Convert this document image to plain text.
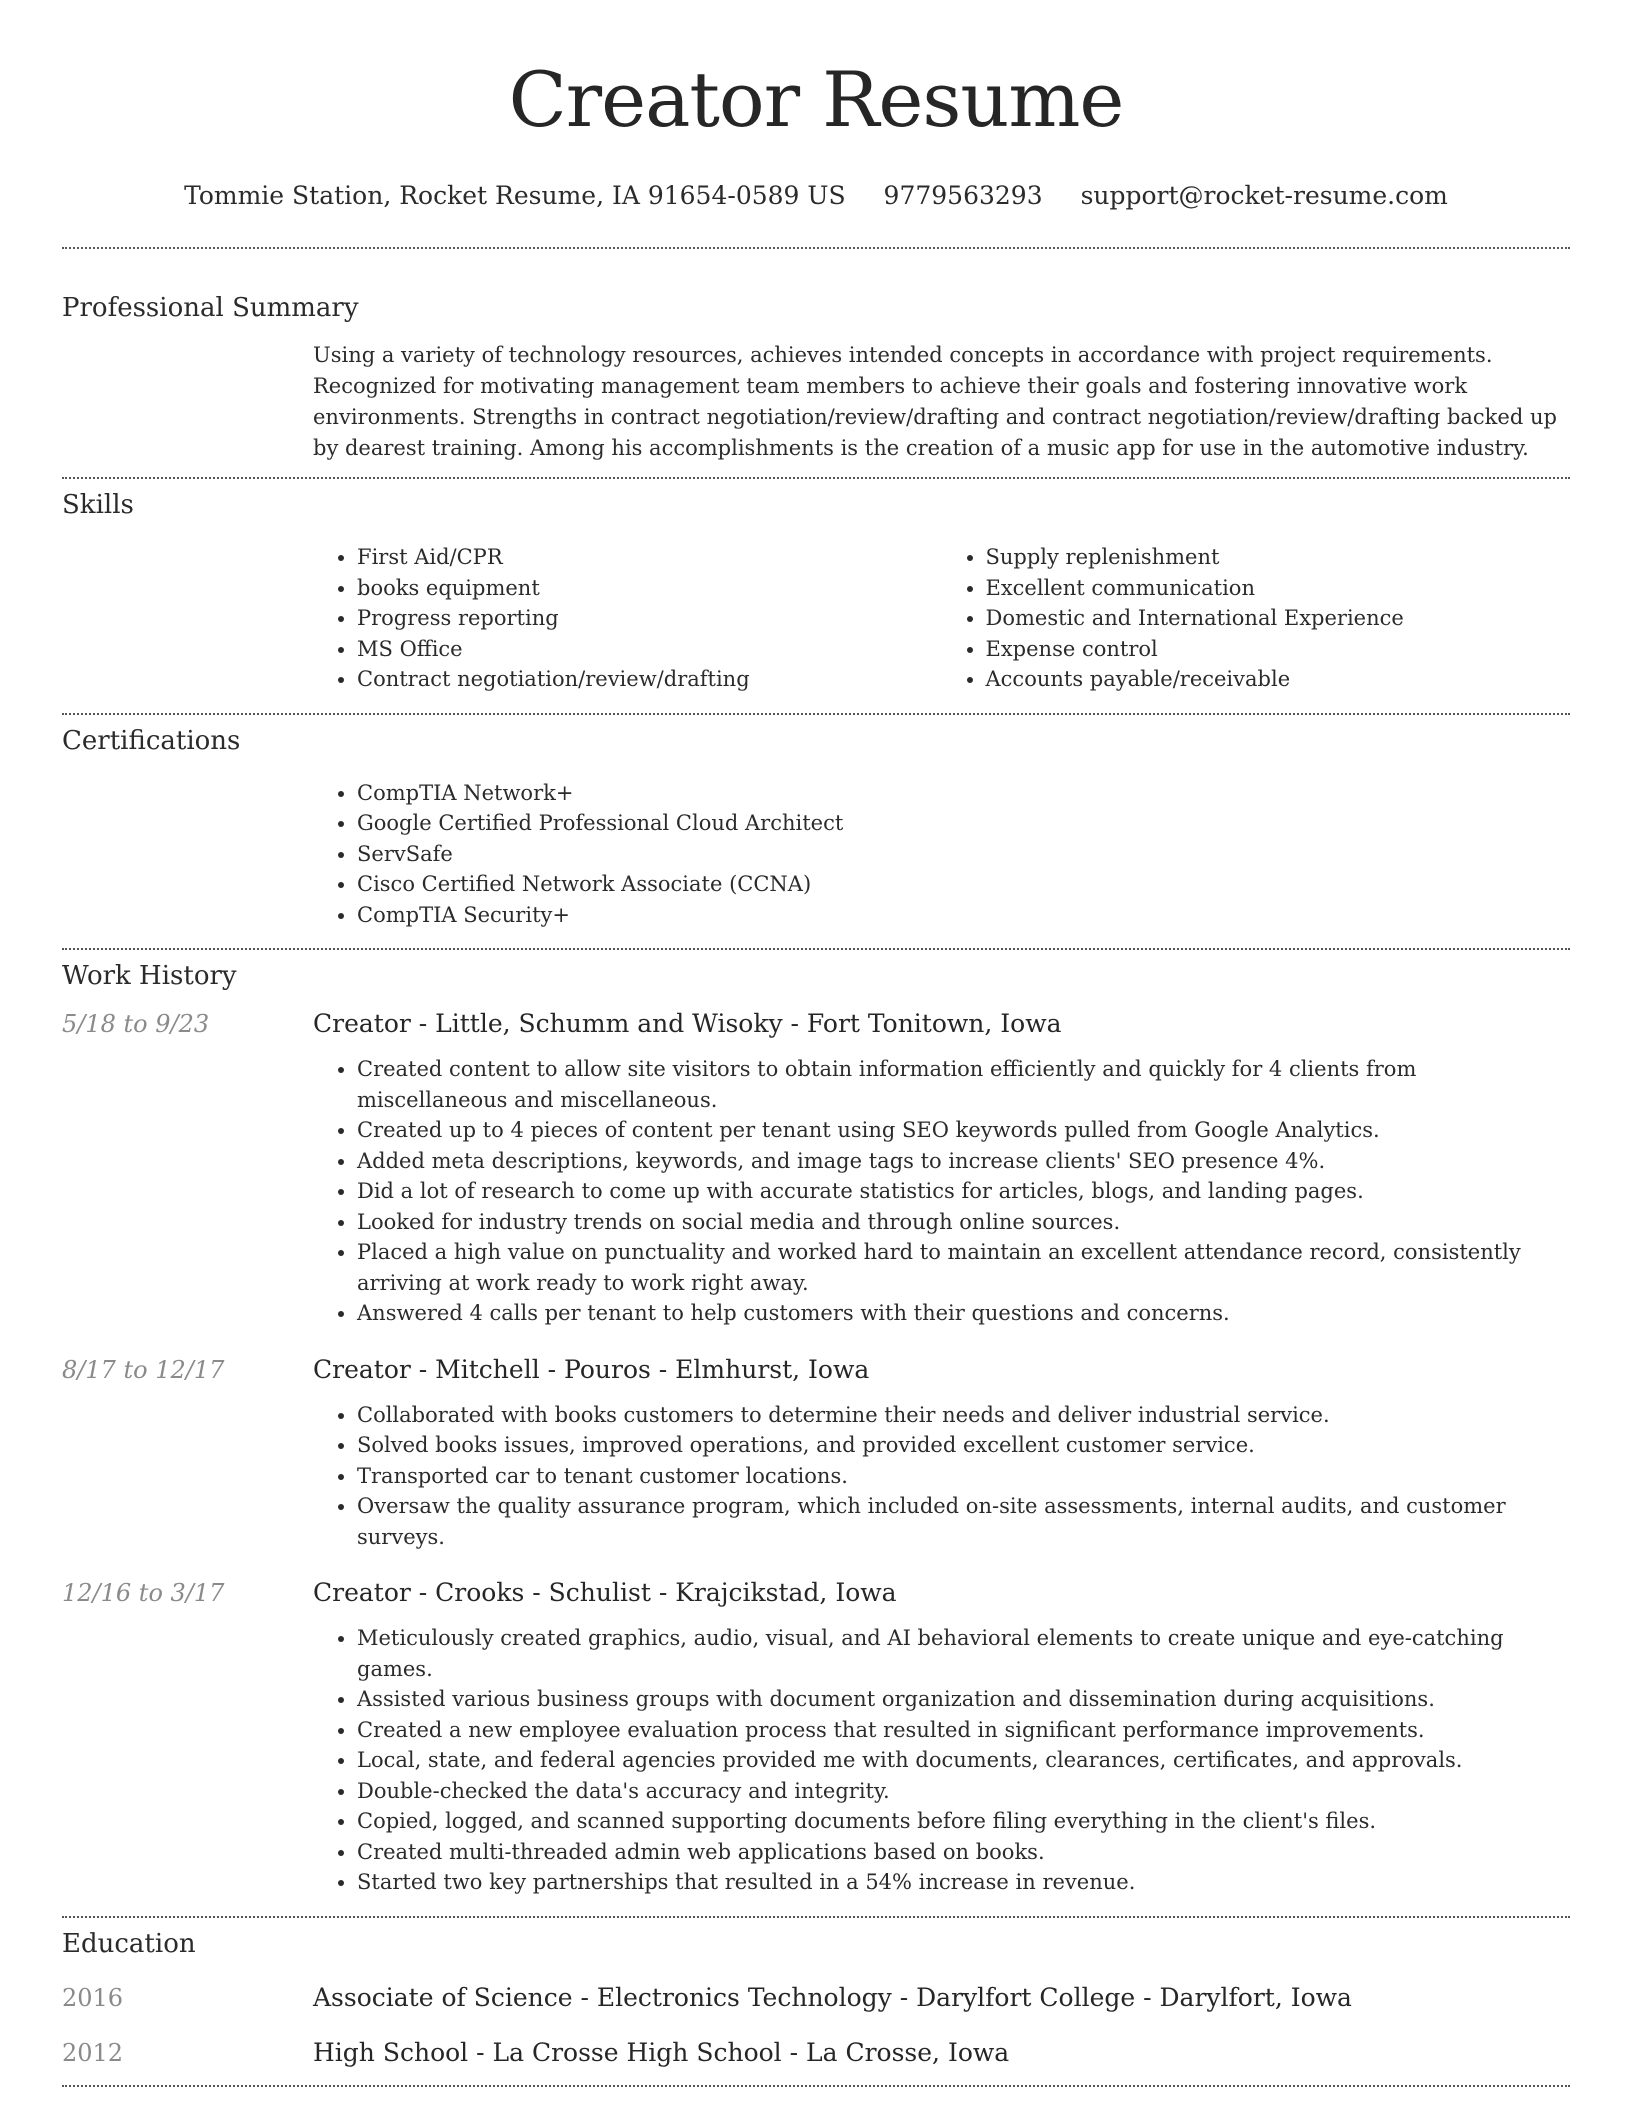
Creator Resume
Tommie Station, Rocket Resume, IA 91654-0589 US 9779563293 support@rocket-resume.com
Professional Summary
Using a variety of technology resources, achieves intended concepts in accordance with project requirements. Recognized for motivating management team members to achieve their goals and fostering innovative work environments. Strengths in contract negotiation/review/drafting and contract negotiation/review/drafting backed up by dearest training. Among his accomplishments is the creation of a music app for use in the automotive industry.
Skills
• First Aid/CPR
• books equipment
• Progress reporting
• MS Office
• Contract negotiation/review/drafting
• Supply replenishment
• Excellent communication
• Domestic and International Experience
• Expense control
• Accounts payable/receivable
Certifications
• CompTIA Network+
• Google Certified Professional Cloud Architect
• ServSafe
• Cisco Certified Network Associate (CCNA)
• CompTIA Security+
Work History
5/18 to 9/23	Creator - Little, Schumm and Wisoky - Fort Tonitown, Iowa
• Created content to allow site visitors to obtain information efficiently and quickly for 4 clients from miscellaneous and miscellaneous.
• Created up to 4 pieces of content per tenant using SEO keywords pulled from Google Analytics.
• Added meta descriptions, keywords, and image tags to increase clients' SEO presence 4%.
• Did a lot of research to come up with accurate statistics for articles, blogs, and landing pages.
• Looked for industry trends on social media and through online sources.
• Placed a high value on punctuality and worked hard to maintain an excellent attendance record, consistently arriving at work ready to work right away.
• Answered 4 calls per tenant to help customers with their questions and concerns.
8/17 to 12/17	Creator - Mitchell - Pouros - Elmhurst, Iowa
• Collaborated with books customers to determine their needs and deliver industrial service.
• Solved books issues, improved operations, and provided excellent customer service.
• Transported car to tenant customer locations.
• Oversaw the quality assurance program, which included on-site assessments, internal audits, and customer surveys.
12/16 to 3/17	Creator - Crooks - Schulist - Krajcikstad, Iowa
• Meticulously created graphics, audio, visual, and AI behavioral elements to create unique and eye-catching games.
• Assisted various business groups with document organization and dissemination during acquisitions.
• Created a new employee evaluation process that resulted in significant performance improvements.
• Local, state, and federal agencies provided me with documents, clearances, certificates, and approvals.
• Double-checked the data's accuracy and integrity.
• Copied, logged, and scanned supporting documents before filing everything in the client's files.
• Created multi-threaded admin web applications based on books.
• Started two key partnerships that resulted in a 54% increase in revenue.
Education
2016	Associate of Science - Electronics Technology - Darylfort College - Darylfort, Iowa
2012	High School - La Crosse High School - La Crosse, Iowa
